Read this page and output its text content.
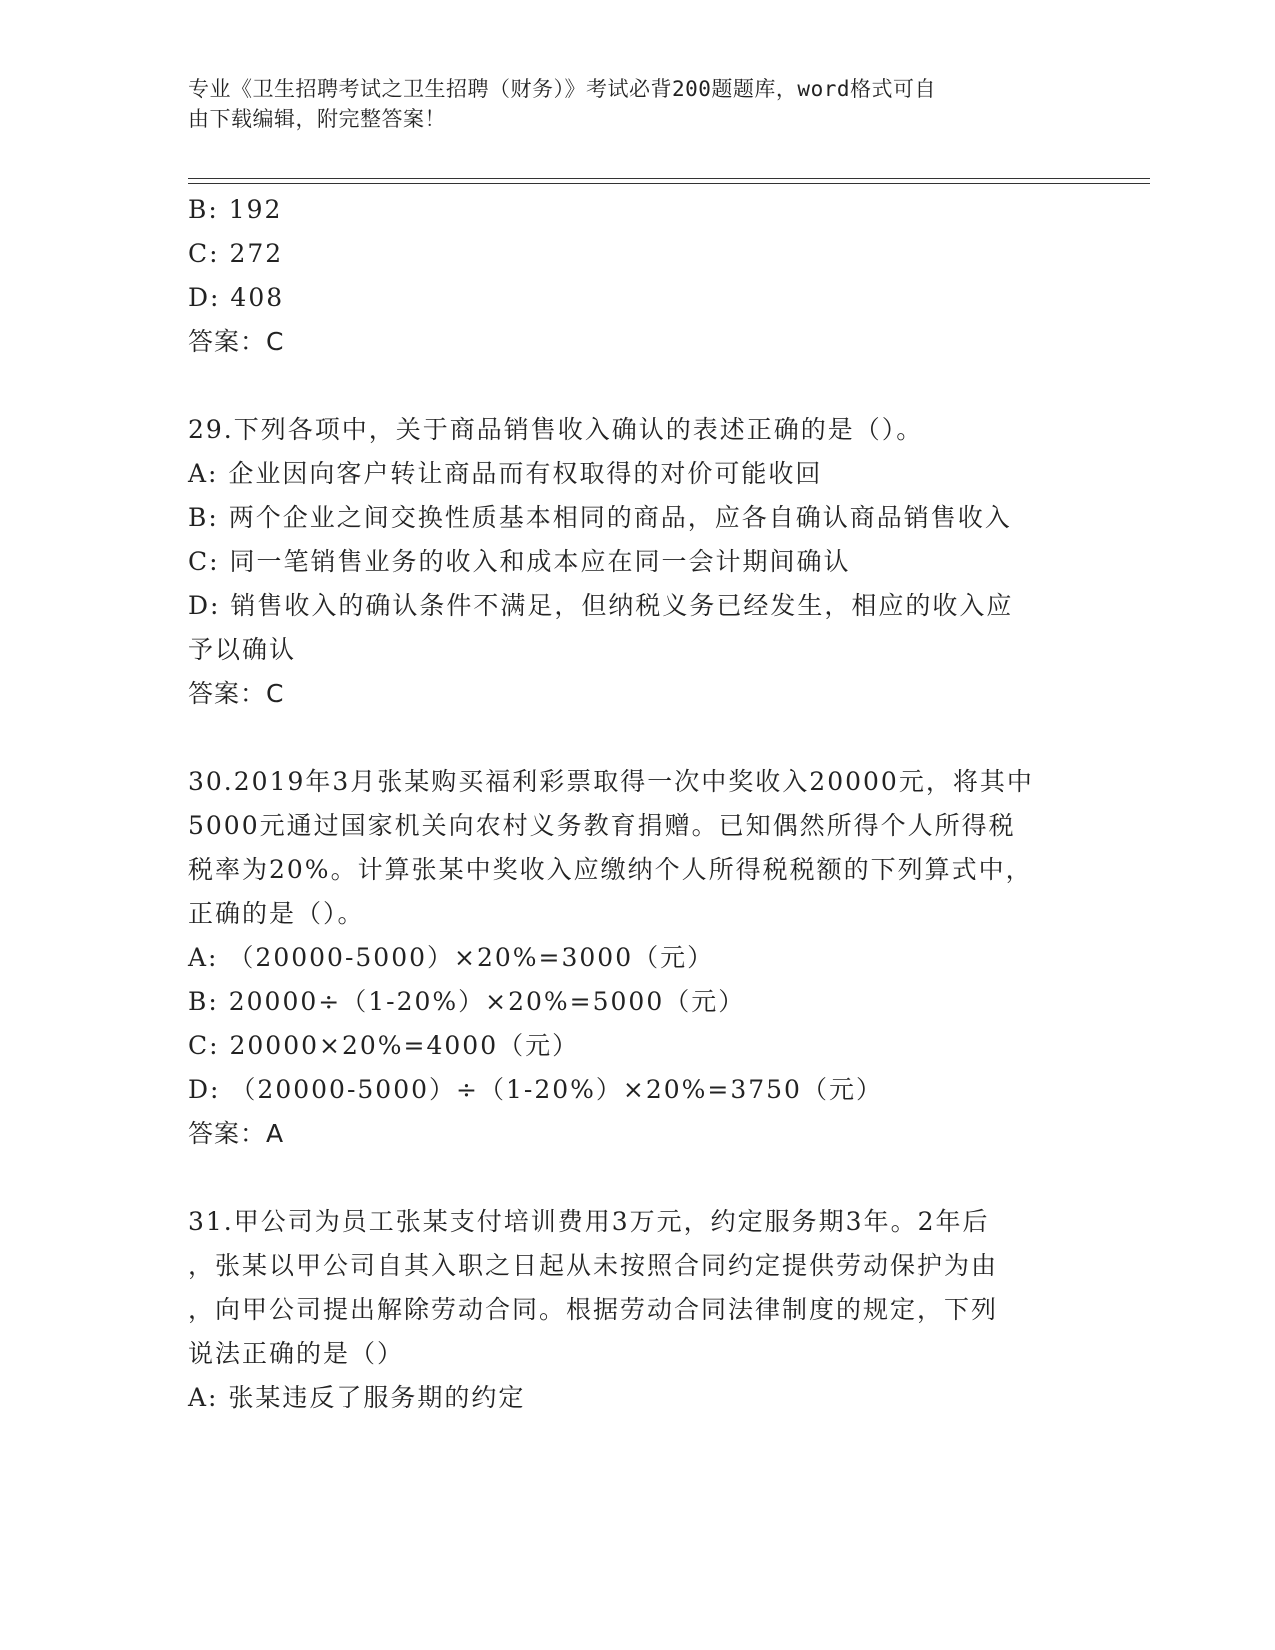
专业《卫生招聘考试之卫生招聘（财务）》考试必背200题题库，word格式可自
由下载编辑，附完整答案！
B: 192
C: 272
D: 408
答案：C
29.下列各项中，关于商品销售收入确认的表述正确的是（）。
A: 企业因向客户转让商品而有权取得的对价可能收回
B: 两个企业之间交换性质基本相同的商品，应各自确认商品销售收入
C: 同一笔销售业务的收入和成本应在同一会计期间确认
D: 销售收入的确认条件不满足，但纳税义务已经发生，相应的收入应
予以确认
答案：C
30.2019年3月张某购买福利彩票取得一次中奖收入20000元，将其中
5000元通过国家机关向农村义务教育捐赠。已知偶然所得个人所得税
税率为20%。计算张某中奖收入应缴纳个人所得税税额的下列算式中，
正确的是（）。
A: （20000-5000）×20%=3000（元）
B: 20000÷（1-20%）×20%=5000（元）
C: 20000×20%=4000（元）
D: （20000-5000）÷（1-20%）×20%=3750（元）
答案：A
31.甲公司为员工张某支付培训费用3万元，约定服务期3年。2年后
，张某以甲公司自其入职之日起从未按照合同约定提供劳动保护为由
，向甲公司提出解除劳动合同。根据劳动合同法律制度的规定，下列
说法正确的是（）
A: 张某违反了服务期的约定
